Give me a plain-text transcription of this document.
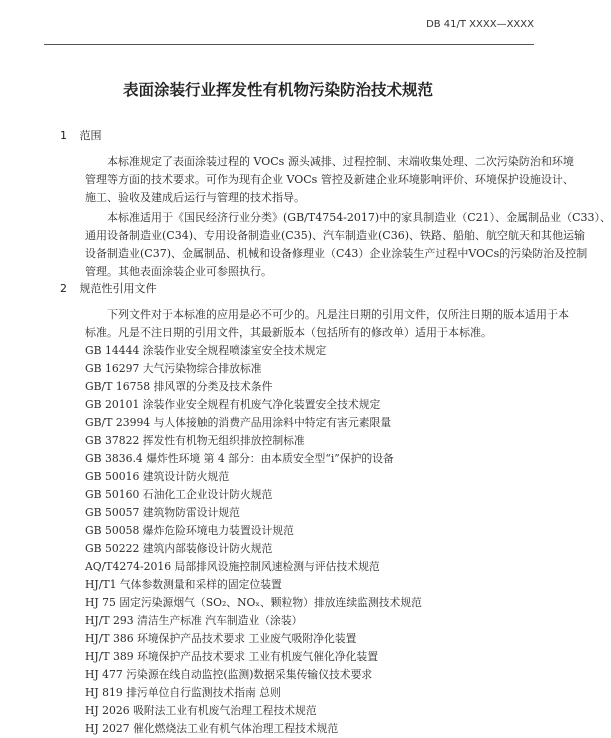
DB 41/T XXXX—XXXX
表面涂装行业挥发性有机物污染防治技术规范
1 范围
本标准规定了表面涂装过程的 VOCs 源头减排、过程控制、末端收集处理、二次污染防治和环境
管理等方面的技术要求。可作为现有企业 VOCs 管控及新建企业环境影响评价、环境保护设施设计、
施工、验收及建成后运行与管理的技术指导。
本标准适用于《国民经济行业分类》(GB/T4754-2017)中的家具制造业（C21）、金属制品业（C33）、
通用设备制造业(C34)、专用设备制造业(C35)、汽车制造业(C36)、铁路、船舶、航空航天和其他运输
设备制造业(C37)、金属制品、机械和设备修理业（C43）企业涂装生产过程中VOCs的污染防治及控制
管理。其他表面涂装企业可参照执行。
2 规范性引用文件
下列文件对于本标准的应用是必不可少的。凡是注日期的引用文件，仅所注日期的版本适用于本
标准。凡是不注日期的引用文件，其最新版本（包括所有的修改单）适用于本标准。
GB 14444 涂装作业安全规程喷漆室安全技术规定
GB 16297 大气污染物综合排放标准
GB/T 16758 排风罩的分类及技术条件
GB 20101 涂装作业安全规程有机废气净化装置安全技术规定
GB/T 23994 与人体接触的消费产品用涂料中特定有害元素限量
GB 37822 挥发性有机物无组织排放控制标准
GB 3836.4 爆炸性环境 第 4 部分：由本质安全型“i”保护的设备
GB 50016 建筑设计防火规范
GB 50160 石油化工企业设计防火规范
GB 50057 建筑物防雷设计规范
GB 50058 爆炸危险环境电力装置设计规范
GB 50222 建筑内部装修设计防火规范
AQ/T4274-2016 局部排风设施控制风速检测与评估技术规范
HJ/T1 气体参数测量和采样的固定位装置
HJ 75 固定污染源烟气（SO₂、NOₓ、颗粒物）排放连续监测技术规范
HJ/T 293 清洁生产标准 汽车制造业（涂装）
HJ/T 386 环境保护产品技术要求 工业废气吸附净化装置
HJ/T 389 环境保护产品技术要求 工业有机废气催化净化装置
HJ 477 污染源在线自动监控(监测)数据采集传输仪技术要求
HJ 819 排污单位自行监测技术指南 总则
HJ 2026 吸附法工业有机废气治理工程技术规范
HJ 2027 催化燃烧法工业有机气体治理工程技术规范
